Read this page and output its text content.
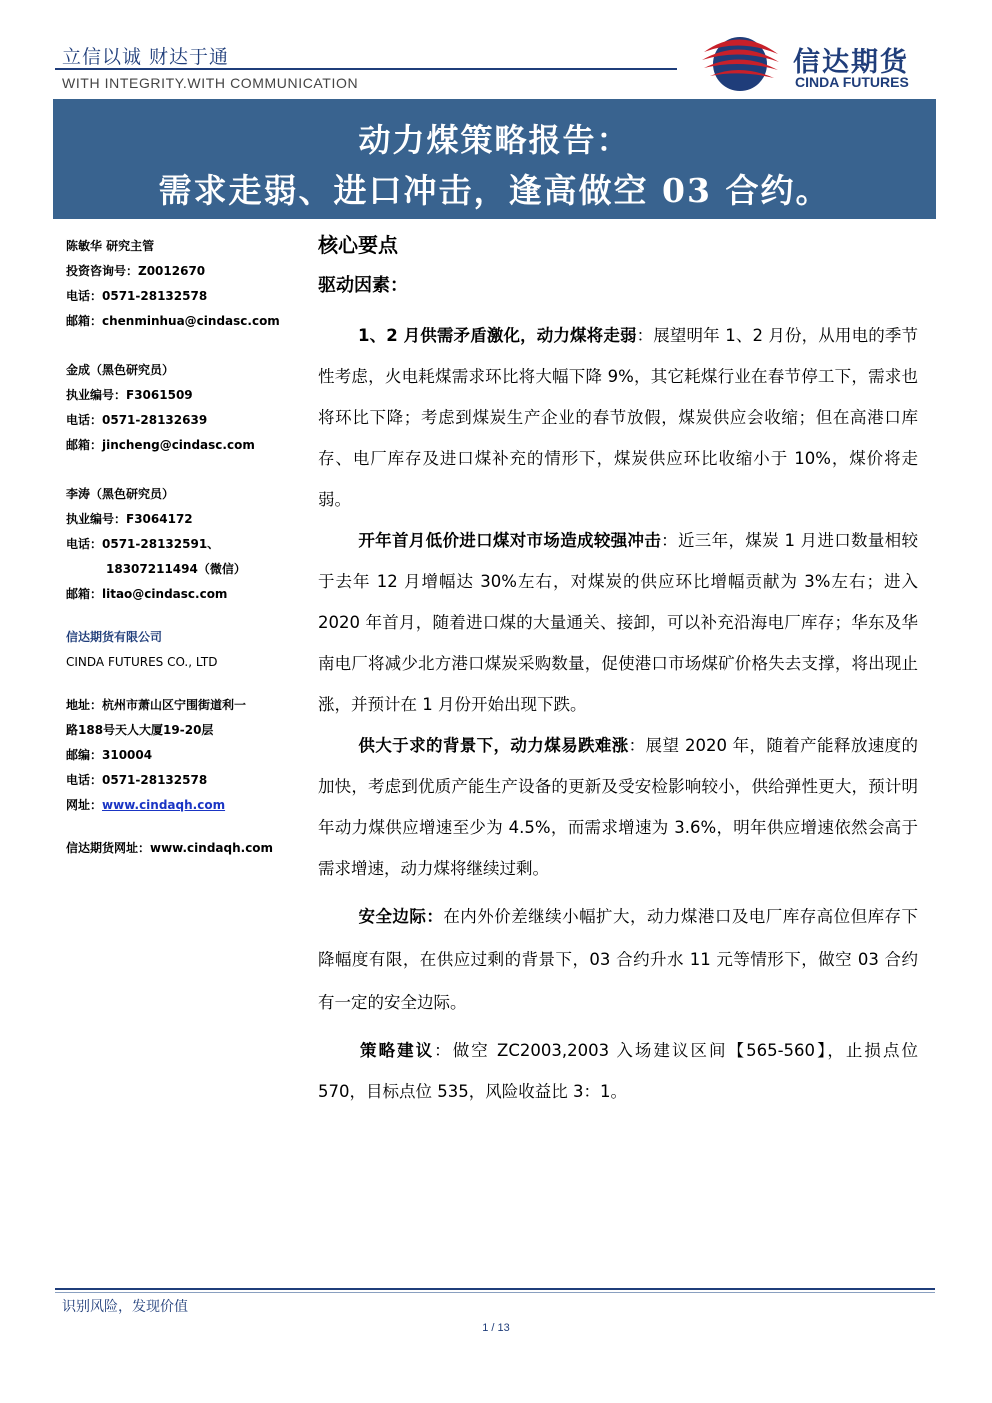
立信以诚 财达于通
WITH INTEGRITY.WITH COMMUNICATION
信达期货
CINDA FUTURES
动力煤策略报告：
需求走弱、进口冲击，逢高做空 03 合约。
陈敏华 研究主管
投资咨询号：Z0012670
电话：0571-28132578
邮箱：chenminhua@cindasc.com
金成（黑色研究员）
执业编号：F3061509
电话：0571-28132639
邮箱：jincheng@cindasc.com
李涛（黑色研究员）
执业编号：F3064172
电话：0571-28132591、
18307211494（微信）
邮箱：litao@cindasc.com
信达期货有限公司
CINDA FUTURES CO., LTD
地址：杭州市萧山区宁围街道利一
路188号天人大厦19-20层
邮编：310004
电话：0571-28132578
网址：www.cindaqh.com
信达期货网址：www.cindaqh.com
核心要点
驱动因素：

1、2 月供需矛盾激化，动力煤将走弱：展望明年 1、2 月份，从用电的季节性考虑，火电耗煤需求环比将大幅下降 9%，其它耗煤行业在春节停工下，需求也将环比下降；考虑到煤炭生产企业的春节放假，煤炭供应会收缩；但在高港口库存、电厂库存及进口煤补充的情形下，煤炭供应环比收缩小于 10%，煤价将走弱。

开年首月低价进口煤对市场造成较强冲击：近三年，煤炭 1 月进口数量相较于去年 12 月增幅达 30%左右，对煤炭的供应环比增幅贡献为 3%左右；进入 2020 年首月，随着进口煤的大量通关、接卸，可以补充沿海电厂库存；华东及华南电厂将减少北方港口煤炭采购数量，促使港口市场煤矿价格失去支撑，将出现止涨，并预计在 1 月份开始出现下跌。

供大于求的背景下，动力煤易跌难涨：展望 2020 年，随着产能释放速度的加快，考虑到优质产能生产设备的更新及受安检影响较小，供给弹性更大，预计明年动力煤供应增速至少为 4.5%，而需求增速为 3.6%，明年供应增速依然会高于需求增速，动力煤将继续过剩。

安全边际：在内外价差继续小幅扩大，动力煤港口及电厂库存高位但库存下降幅度有限，在供应过剩的背景下，03 合约升水 11 元等情形下，做空 03 合约有一定的安全边际。

策略建议：做空 ZC2003,2003 入场建议区间【565-560】，止损点位 570，目标点位 535，风险收益比 3：1。

识别风险，发现价值
1 / 13
